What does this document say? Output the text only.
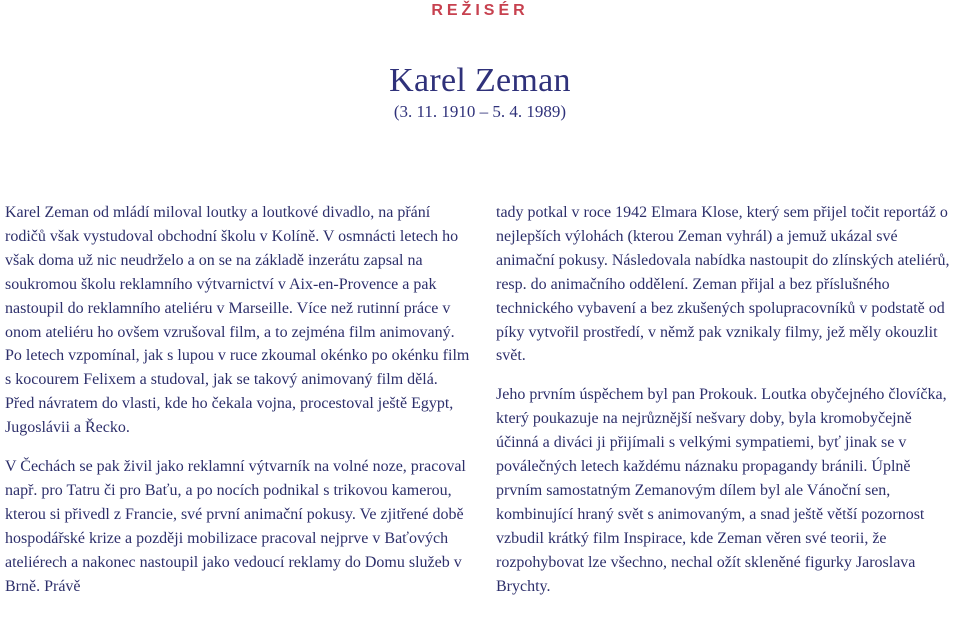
REŽISÉR
Karel Zeman
(3. 11. 1910 – 5. 4. 1989)

Karel Zeman od mládí miloval loutky a loutkové divadlo, na přání rodičů však vystudoval obchodní školu v Kolíně. V osmnácti letech ho však doma už nic neudrželo a on se na základě inzerátu zapsal na soukromou školu reklamního výtvarnictví v Aix-en-Provence a pak nastoupil do reklamního ateliéru v Marseille. Více než rutinní práce v onom ateliéru ho ovšem vzrušoval film, a to zejména film animovaný. Po letech vzpomínal, jak s lupou v ruce zkoumal okénko po okénku film s kocourem Felixem a studoval, jak se takový animovaný film dělá. Před návratem do vlasti, kde ho čekala vojna, procestoval ještě Egypt, Jugoslávii a Řecko.

V Čechách se pak živil jako reklamní výtvarník na volné noze, pracoval např. pro Tatru či pro Baťu, a po nocích podnikal s trikovou kamerou, kterou si přivedl z Francie, své první animační pokusy. Ve zjitřené době hospodářské krize a později mobilizace pracoval nejprve v Baťových ateliérech a nakonec nastoupil jako vedoucí reklamy do Domu služeb v Brně. Právě

tady potkal v roce 1942 Elmara Klose, který sem přijel točit reportáž o nejlepších výlohách (kterou Zeman vyhrál) a jemuž ukázal své animační pokusy. Následovala nabídka nastoupit do zlínských ateliérů, resp. do animačního oddělení. Zeman přijal a bez příslušného technického vybavení a bez zkušených spolupracovníků v podstatě od píky vytvořil prostředí, v němž pak vznikaly filmy, jež měly okouzlit svět.

Jeho prvním úspěchem byl pan Prokouk. Loutka obyčejného človíčka, který poukazuje na nejrůznější nešvary doby, byla kromobyčejně účinná a diváci ji přijímali s velkými sympatiemi, byť jinak se v poválečných letech každému náznaku propagandy bránili. Úplně prvním samostatným Zemanovým dílem byl ale Vánoční sen, kombinující hraný svět s animovaným, a snad ještě větší pozornost vzbudil krátký film Inspirace, kde Zeman věren své teorii, že rozpohybovat lze všechno, nechal ožít skleněné figurky Jaroslava Brychty.
